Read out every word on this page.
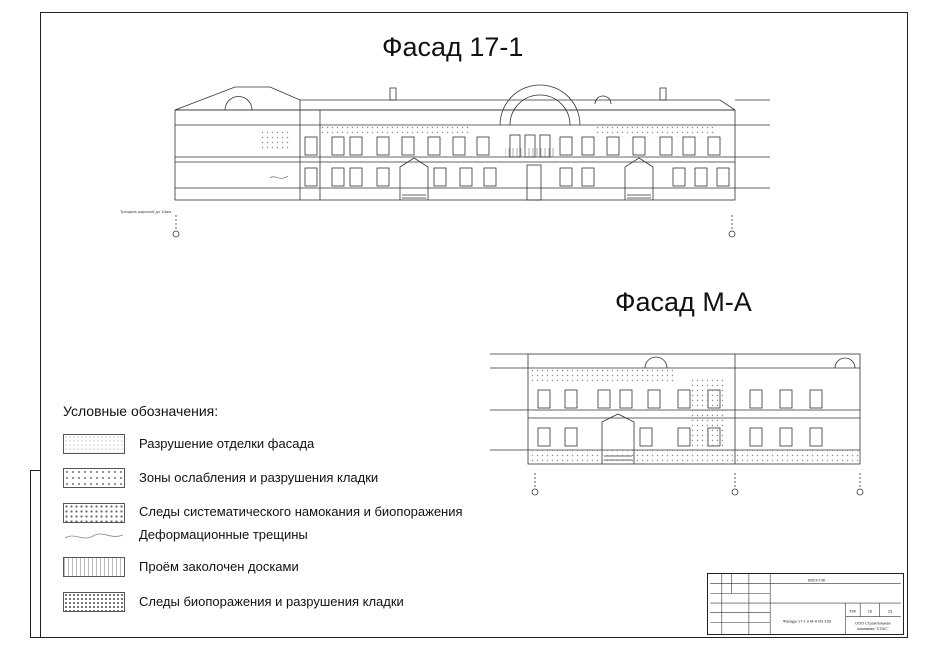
Фасад 17-1
Фасад М-А
Трещина шириной до 10мм
Условные обозначения:
Разрушение отделки фасада
Зоны ослабления и разрушения кладки
Следы систематического намокания и биопоражения
Деформационные трещины
Проём заколочен досками
Следы биопоражения и разрушения кладки
6/923-ТЗК
ТЗК	16	23
Фасады 17-1 и М-А М1:100	ООО Строительная
компания "СТАС"
